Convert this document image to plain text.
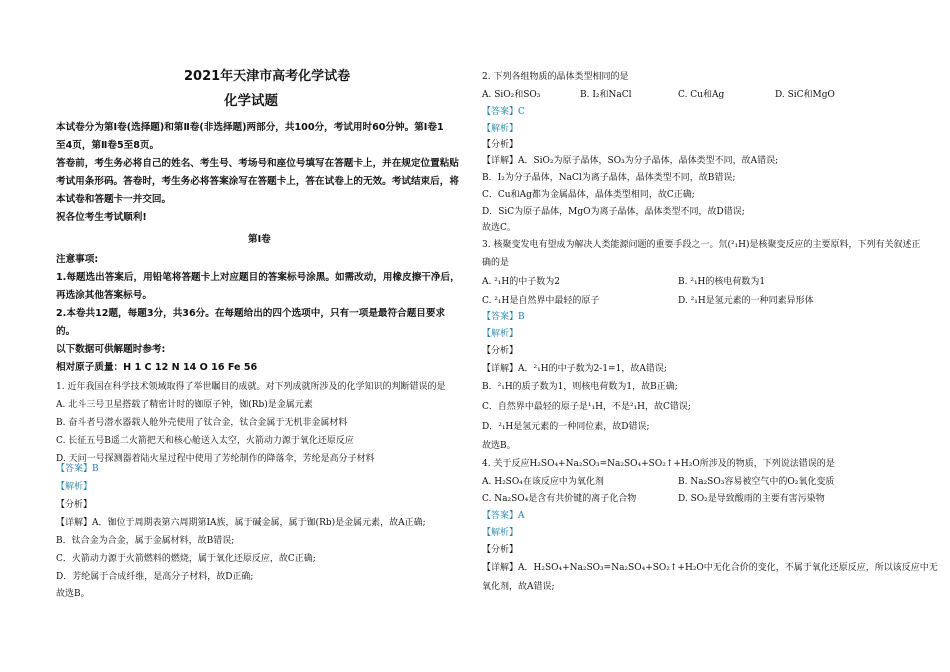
2021年天津市高考化学试卷
化学试题
本试卷分为第Ⅰ卷(选择题)和第Ⅱ卷(非选择题)两部分，共100分，考试用时60分钟。第Ⅰ卷1
至4页，第Ⅱ卷5至8页。
答卷前，考生务必将自己的姓名、考生号、考场号和座位号填写在答题卡上，并在规定位置粘贴
考试用条形码。答卷时，考生务必将答案涂写在答题卡上，答在试卷上的无效。考试结束后，将
本试卷和答题卡一并交回。
祝各位考生考试顺利!
第Ⅰ卷
注意事项:
1.每题选出答案后，用铅笔将答题卡上对应题目的答案标号涂黑。如需改动，用橡皮擦干净后，
再选涂其他答案标号。
2.本卷共12题，每题3分，共36分。在每题给出的四个选项中，只有一项是最符合题目要求
的。
以下数据可供解题时参考:
相对原子质量：H 1 C 12 N 14 O 16 Fe 56
1. 近年我国在科学技术领域取得了举世瞩目的成就。对下列成就所涉及的化学知识的判断错误的是
A. 北斗三号卫星搭载了精密计时的铷原子钟，铷(Rb)是金属元素
B. 奋斗者号潜水器载人舱外壳使用了钛合金，钛合金属于无机非金属材料
C. 长征五号B遥二火箭把天和核心舱送入太空，火箭动力源于氧化还原反应
D. 天问一号探测器着陆火星过程中使用了芳纶制作的降落伞，芳纶是高分子材料
【答案】B
【解析】
【分析】
【详解】A．铷位于周期表第六周期第ⅠA族，属于碱金属，属于铷(Rb)是金属元素，故A正确;
B．钛合金为合金，属于金属材料，故B错误;
C．火箭动力源于火箭燃料的燃烧，属于氧化还原反应，故C正确;
D．芳纶属于合成纤维，是高分子材料，故D正确;
故选B。
2. 下列各组物质的晶体类型相同的是
A. SiO₂和SO₃	B. I₂和NaCl	C. Cu和Ag	D. SiC和MgO
【答案】C
【解析】
【分析】
【详解】A．SiO₂为原子晶体，SO₃为分子晶体，晶体类型不同，故A错误;
B．I₂为分子晶体，NaCl为离子晶体，晶体类型不同，故B错误;
C．Cu和Ag都为金属晶体，晶体类型相同，故C正确;
D．SiC为原子晶体，MgO为离子晶体，晶体类型不同，故D错误;
故选C。
3. 核聚变发电有望成为解决人类能源问题的重要手段之一。氘(²₁H)是核聚变反应的主要原料，下列有关叙述正
确的是
A. ²₁H的中子数为2	B. ²₁H的核电荷数为1
C. ²₁H是自然界中最轻的原子	D. ²₁H是氢元素的一种同素异形体
【答案】B
【解析】
【分析】
【详解】A．²₁H的中子数为2-1=1，故A错误;
B．²₁H的质子数为1，则核电荷数为1，故B正确;
C．自然界中最轻的原子是¹₁H，不是²₁H，故C错误;
D．²₁H是氢元素的一种同位素，故D错误;
故选B。
4. 关于反应H₂SO₄+Na₂SO₃=Na₂SO₄+SO₂↑+H₂O所涉及的物质，下列说法错误的是
A. H₂SO₄在该反应中为氧化剂	B. Na₂SO₃容易被空气中的O₂氧化变质
C. Na₂SO₄是含有共价键的离子化合物	D. SO₂是导致酸雨的主要有害污染物
【答案】A
【解析】
【分析】
【详解】A．H₂SO₄+Na₂SO₃=Na₂SO₄+SO₂↑+H₂O中无化合价的变化，不属于氧化还原反应，所以该反应中无
氧化剂，故A错误;
